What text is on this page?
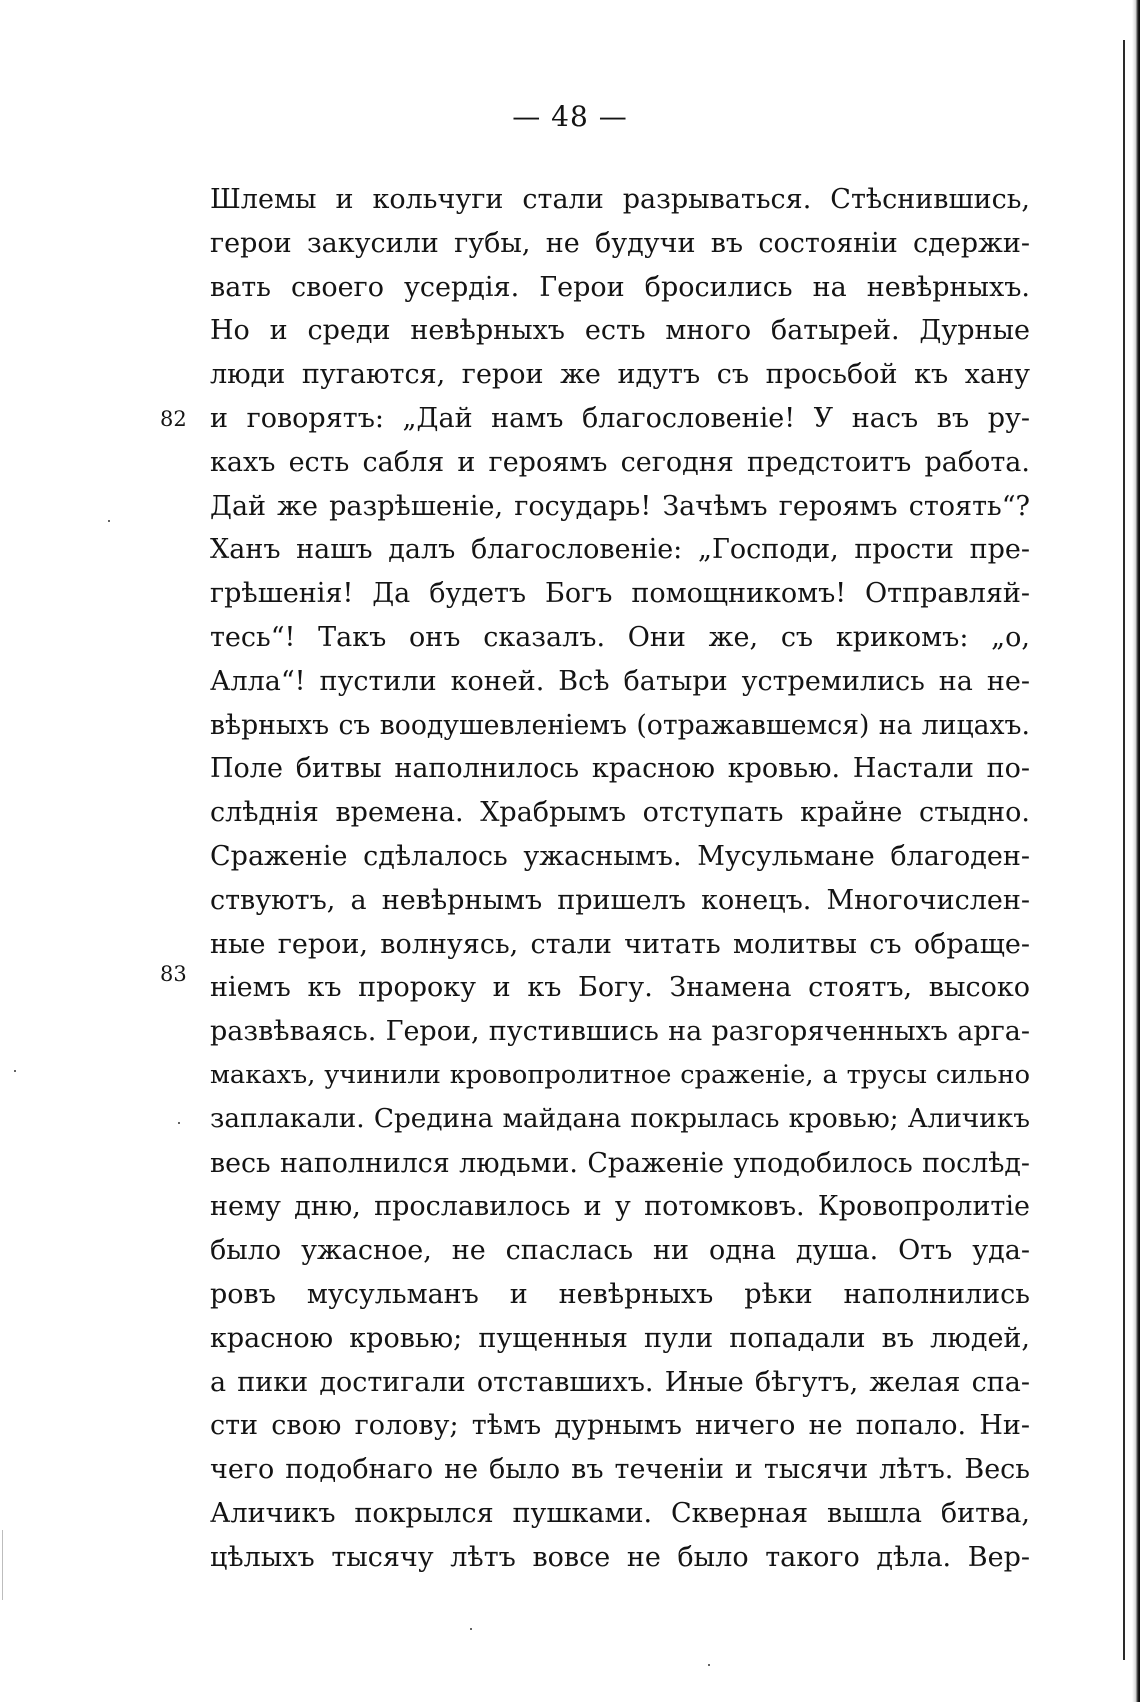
— 48 —
82
83
Шлемы и кольчуги стали разрываться. Стѣснившись,
герои закусили губы, не будучи въ состояніи сдержи-
вать своего усердія. Герои бросились на невѣрныхъ.
Но и среди невѣрныхъ есть много батырей. Дурные
люди пугаются, герои же идутъ съ просьбой къ хану
и говорятъ: „Дай намъ благословеніе! У насъ въ ру-
кахъ есть сабля и героямъ сегодня предстоитъ работа.
Дай же разрѣшеніе, государь! Зачѣмъ героямъ стоять“?
Ханъ нашъ далъ благословеніе: „Господи, прости пре-
грѣшенія! Да будетъ Богъ помощникомъ! Отправляй-
тесь“! Такъ онъ сказалъ. Они же, съ крикомъ: „о,
Алла“! пустили коней. Всѣ батыри устремились на не-
вѣрныхъ съ воодушевленіемъ (отражавшемся) на лицахъ.
Поле битвы наполнилось красною кровью. Настали по-
слѣднія времена. Храбрымъ отступать крайне стыдно.
Сраженіе сдѣлалось ужаснымъ. Мусульмане благоден-
ствуютъ, а невѣрнымъ пришелъ конецъ. Многочислен-
ные герои, волнуясь, стали читать молитвы съ обраще-
ніемъ къ пророку и къ Богу. Знамена стоятъ, высоко
развѣваясь. Герои, пустившись на разгоряченныхъ арга-
макахъ, учинили кровопролитное сраженіе, а трусы сильно
заплакали. Средина майдана покрылась кровью; Аличикъ
весь наполнился людьми. Сраженіе уподобилось послѣд-
нему дню, прославилось и у потомковъ. Кровопролитіе
было ужасное, не спаслась ни одна душа. Отъ уда-
ровъ мусульманъ и невѣрныхъ рѣки наполнились
красною кровью; пущенныя пули попадали въ людей,
а пики достигали отставшихъ. Иные бѣгутъ, желая спа-
сти свою голову; тѣмъ дурнымъ ничего не попало. Ни-
чего подобнаго не было въ теченіи и тысячи лѣтъ. Весь
Аличикъ покрылся пушками. Скверная вышла битва,
цѣлыхъ тысячу лѣтъ вовсе не было такого дѣла. Вер-
